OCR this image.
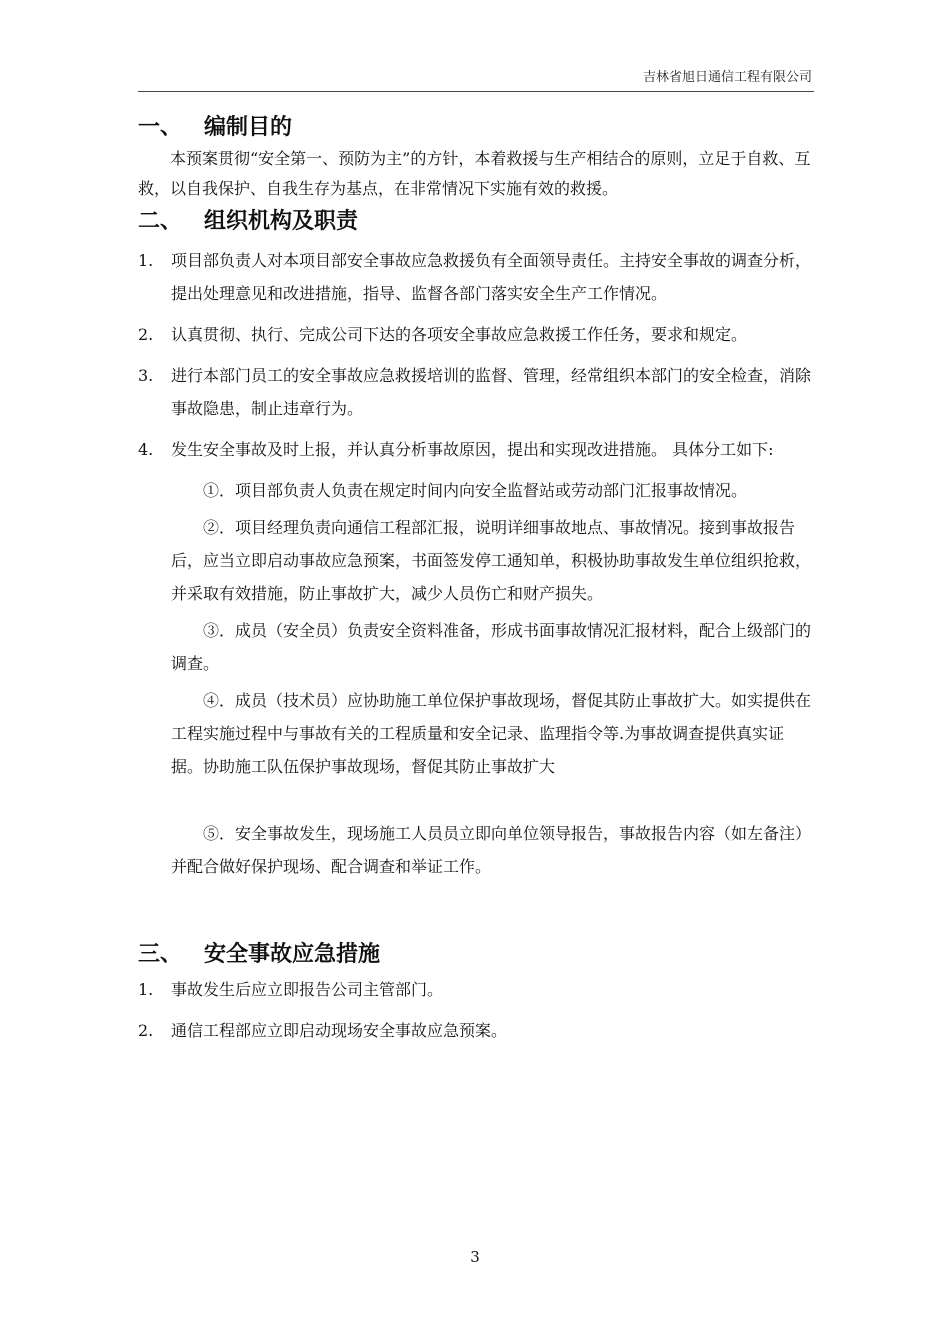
吉林省旭日通信工程有限公司
一、 编制目的

本预案贯彻“安全第一、预防为主”的方针，本着救援与生产相结合的原则，立足于自救、互救，以自我保护、自我生存为基点，在非常情况下实施有效的救援。

二、 组织机构及职责
1. 项目部负责人对本项目部安全事故应急救援负有全面领导责任。主持安全事故的调查分析，提出处理意见和改进措施，指导、监督各部门落实安全生产工作情况。
2. 认真贯彻、执行、完成公司下达的各项安全事故应急救援工作任务，要求和规定。
3. 进行本部门员工的安全事故应急救援培训的监督、管理，经常组织本部门的安全检查，消除事故隐患，制止违章行为。
4. 发生安全事故及时上报，并认真分析事故原因，提出和实现改进措施。 具体分工如下:
①．项目部负责人负责在规定时间内向安全监督站或劳动部门汇报事故情况。
②．项目经理负责向通信工程部汇报，说明详细事故地点、事故情况。接到事故报告后，应当立即启动事故应急预案，书面签发停工通知单，积极协助事故发生单位组织抢救，并采取有效措施，防止事故扩大，减少人员伤亡和财产损失。
③．成员（安全员）负责安全资料准备，形成书面事故情况汇报材料，配合上级部门的调查。
④．成员（技术员）应协助施工单位保护事故现场，督促其防止事故扩大。如实提供在工程实施过程中与事故有关的工程质量和安全记录、监理指令等.为事故调查提供真实证据。协助施工队伍保护事故现场，督促其防止事故扩大
⑤．安全事故发生，现场施工人员员立即向单位领导报告，事故报告内容（如左备注）并配合做好保护现场、配合调查和举证工作。
三、 安全事故应急措施
1. 事故发生后应立即报告公司主管部门。
2. 通信工程部应立即启动现场安全事故应急预案。
3
